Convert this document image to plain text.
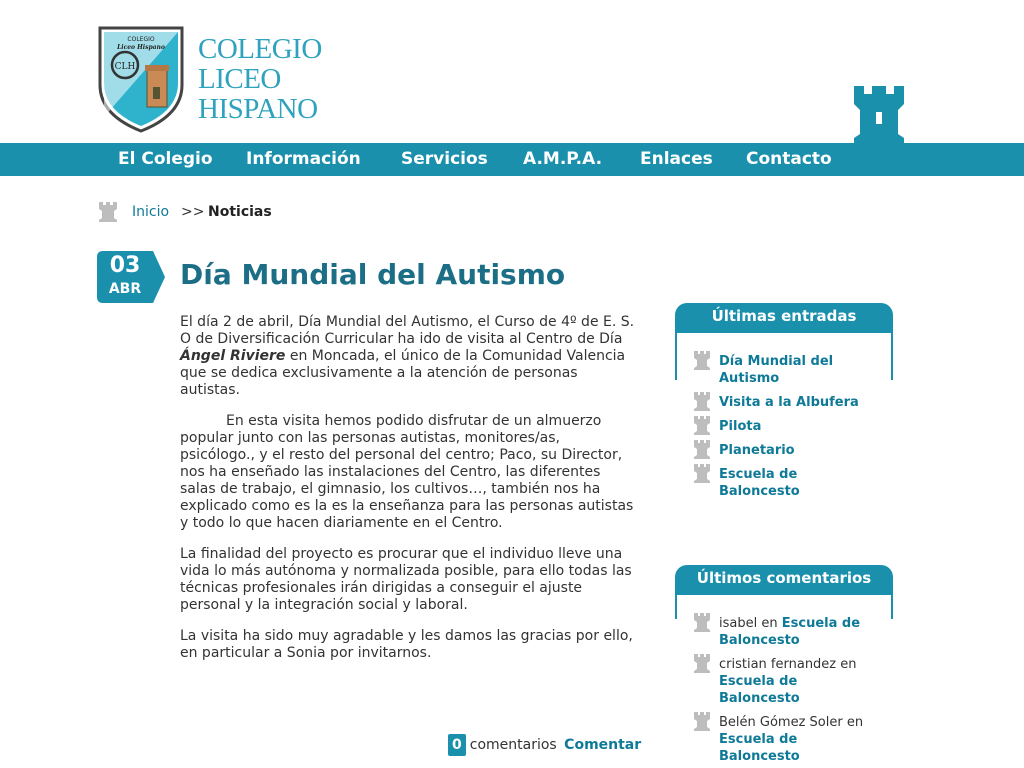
COLEGIO
Liceo Hispano
CLH
COLEGIO
LICEO
HISPANO
El Colegio Información Servicios A.M.P.A. Enlaces Contacto
Inicio >> Noticias
03
ABR	Día Mundial del Autismo

El día 2 de abril, Día Mundial del Autismo, el Curso de 4º de E. S. O de Diversificación Curricular ha ido de visita al Centro de Día Ángel Riviere en Moncada, el único de la Comunidad Valencia que se dedica exclusivamente a la atención de personas autistas.

En esta visita hemos podido disfrutar de un almuerzo popular junto con las personas autistas, monitores/as, psicólogo., y el resto del personal del centro; Paco, su Director, nos ha enseñado las instalaciones del Centro, las diferentes salas de trabajo, el gimnasio, los cultivos…, también nos ha explicado como es la es la enseñanza para las personas autistas y todo lo que hacen diariamente en el Centro.

La finalidad del proyecto es procurar que el individuo lleve una vida lo más autónoma y normalizada posible, para ello todas las técnicas profesionales irán dirigidas a conseguir el ajuste personal y la integración social y laboral.

La visita ha sido muy agradable y les damos las gracias por ello, en particular a Sonia por invitarnos.

0 comentarios Comentar
Últimas entradas
Día Mundial del Autismo
Visita a la Albufera
Pilota
Planetario
Escuela de Baloncesto
Últimos comentarios
isabel en Escuela de Baloncesto
cristian fernandez en
Escuela de Baloncesto
Belén Gómez Soler en
Escuela de Baloncesto
